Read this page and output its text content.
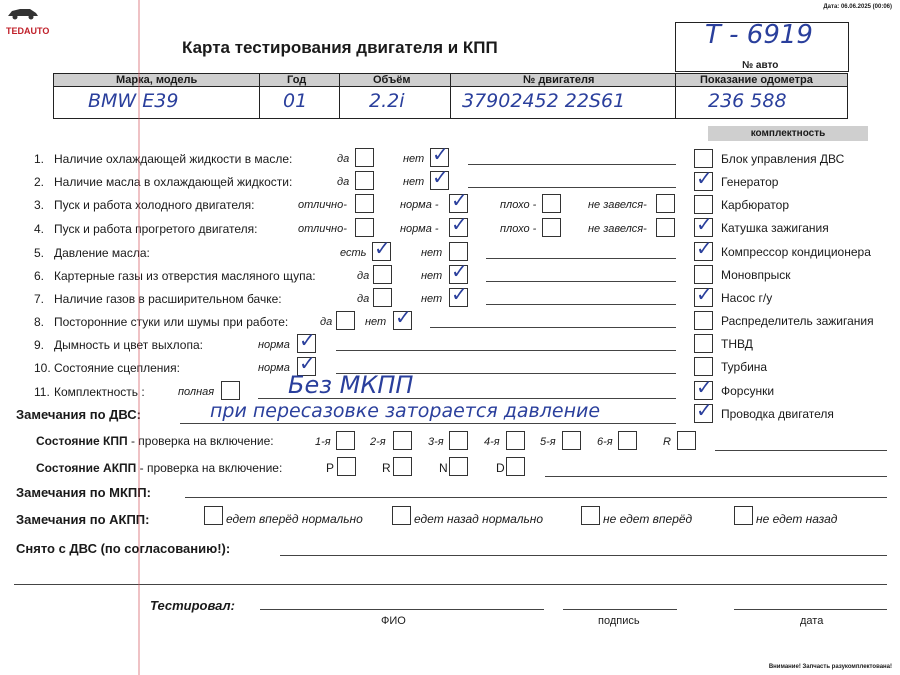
TEDAUTO
Дата: 06.06.2025 (00:06)
Карта тестирования двигателя и КПП	Т - 6919
№ авто
Марка, модель	Год	Объём	№ двигателя	Показание одометра
BMW E39	01	2.2i	37902452 22S61	236 588
комплектность
Блок управления ДВС
✓ Генератор
Карбюратор
✓ Катушка зажигания
✓ Компрессор кондиционера
Моновпрыск
✓ Насос г/у
Распределитель зажигания
ТНВД
Турбина
✓ Форсунки
✓ Проводка двигателя
1. Наличие охлаждающей жидкости в масле:	да	нет ✓
2. Наличие масла в охлаждающей жидкости:	да	нет ✓
3. Пуск и работа холодного двигателя:	отлично-	норма - ✓	плохо -	не завелся-
4. Пуск и работа прогретого двигателя:	отлично-	норма - ✓	плохо -	не завелся-
5. Давление масла:	есть ✓	нет
6. Картерные газы из отверстия масляного щупа:	да	нет ✓
7. Наличие газов в расширительном бачке:	да	нет ✓
8. Посторонние стуки или шумы при работе:	да	нет ✓
9. Дымность и цвет выхлопа:	норма ✓
10. Состояние сцепления:	норма ✓
11. Комплектность :	полная	Без МКПП
Замечания по ДВС:	при пересазовке заторается давление
Состояние КПП - проверка на включение:	1-я	2-я	3-я	4-я	5-я	6-я	R
Состояние АКПП - проверка на включение:	P	R	N	D
Замечания по МКПП:
Замечания по АКПП:	едет вперёд нормально	едет назад нормально	не едет вперёд	не едет назад
Снято с ДВС (по согласованию!):
Тестировал:
ФИО	подпись	дата
Внимание! Запчасть разукомплектована!
